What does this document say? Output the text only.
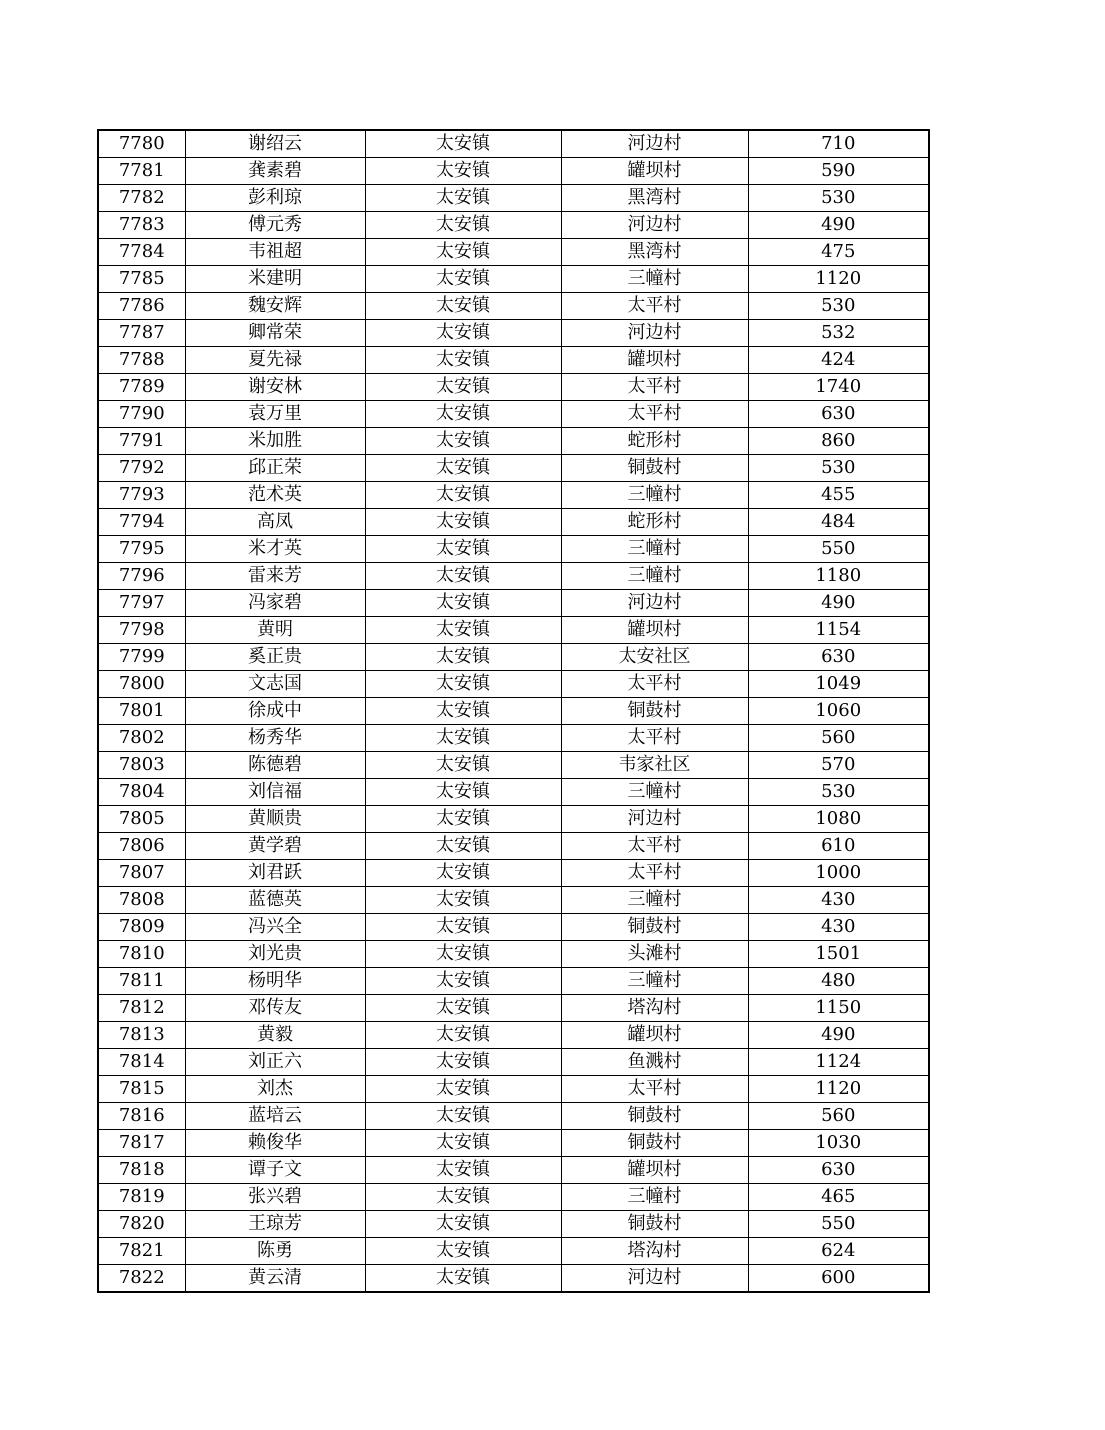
7780	谢绍云	太安镇	河边村	710
7781	龚素碧	太安镇	罐坝村	590
7782	彭利琼	太安镇	黑湾村	530
7783	傅元秀	太安镇	河边村	490
7784	韦祖超	太安镇	黑湾村	475
7785	米建明	太安镇	三幢村	1120
7786	魏安辉	太安镇	太平村	530
7787	卿常荣	太安镇	河边村	532
7788	夏先禄	太安镇	罐坝村	424
7789	谢安林	太安镇	太平村	1740
7790	袁万里	太安镇	太平村	630
7791	米加胜	太安镇	蛇形村	860
7792	邱正荣	太安镇	铜鼓村	530
7793	范术英	太安镇	三幢村	455
7794	高凤	太安镇	蛇形村	484
7795	米才英	太安镇	三幢村	550
7796	雷来芳	太安镇	三幢村	1180
7797	冯家碧	太安镇	河边村	490
7798	黄明	太安镇	罐坝村	1154
7799	奚正贵	太安镇	太安社区	630
7800	文志国	太安镇	太平村	1049
7801	徐成中	太安镇	铜鼓村	1060
7802	杨秀华	太安镇	太平村	560
7803	陈德碧	太安镇	韦家社区	570
7804	刘信福	太安镇	三幢村	530
7805	黄顺贵	太安镇	河边村	1080
7806	黄学碧	太安镇	太平村	610
7807	刘君跃	太安镇	太平村	1000
7808	蓝德英	太安镇	三幢村	430
7809	冯兴全	太安镇	铜鼓村	430
7810	刘光贵	太安镇	头滩村	1501
7811	杨明华	太安镇	三幢村	480
7812	邓传友	太安镇	塔沟村	1150
7813	黄毅	太安镇	罐坝村	490
7814	刘正六	太安镇	鱼溅村	1124
7815	刘杰	太安镇	太平村	1120
7816	蓝培云	太安镇	铜鼓村	560
7817	赖俊华	太安镇	铜鼓村	1030
7818	谭子文	太安镇	罐坝村	630
7819	张兴碧	太安镇	三幢村	465
7820	王琼芳	太安镇	铜鼓村	550
7821	陈勇	太安镇	塔沟村	624
7822	黄云清	太安镇	河边村	600
